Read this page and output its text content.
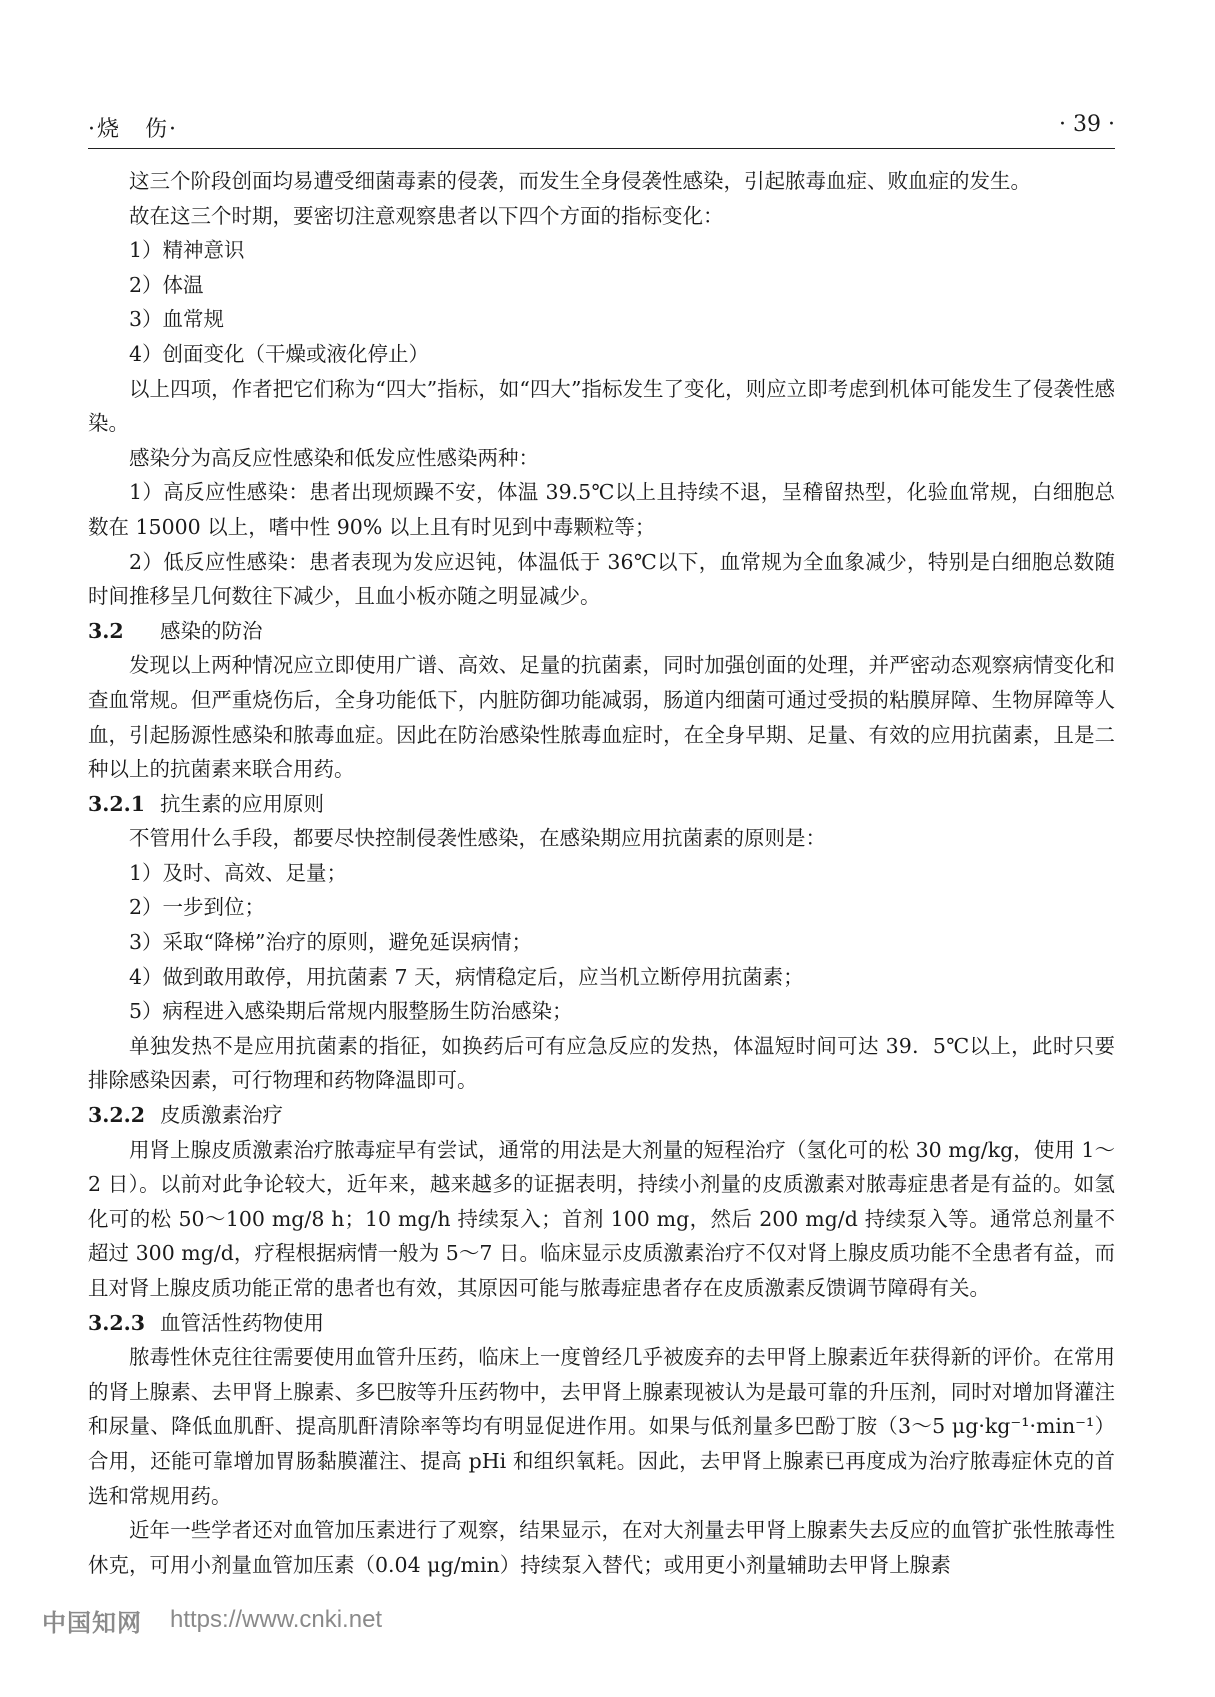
·烧　伤·	· 39 ·

这三个阶段创面均易遭受细菌毒素的侵袭，而发生全身侵袭性感染，引起脓毒血症、败血症的发生。

故在这三个时期，要密切注意观察患者以下四个方面的指标变化：

1）精神意识

2）体温

3）血常规

4）创面变化（干燥或液化停止）

以上四项，作者把它们称为“四大”指标，如“四大”指标发生了变化，则应立即考虑到机体可能发生了侵袭性感染。

感染分为高反应性感染和低发应性感染两种：

1）高反应性感染：患者出现烦躁不安，体温 39.5℃以上且持续不退，呈稽留热型，化验血常规，白细胞总数在 15000 以上，嗜中性 90% 以上且有时见到中毒颗粒等；

2）低反应性感染：患者表现为发应迟钝，体温低于 36℃以下，血常规为全血象减少，特别是白细胞总数随时间推移呈几何数往下减少，且血小板亦随之明显减少。

3.2 感染的防治

发现以上两种情况应立即使用广谱、高效、足量的抗菌素，同时加强创面的处理，并严密动态观察病情变化和查血常规。但严重烧伤后，全身功能低下，内脏防御功能减弱，肠道内细菌可通过受损的粘膜屏障、生物屏障等人血，引起肠源性感染和脓毒血症。因此在防治感染性脓毒血症时，在全身早期、足量、有效的应用抗菌素，且是二种以上的抗菌素来联合用药。

3.2.1 抗生素的应用原则

不管用什么手段，都要尽快控制侵袭性感染，在感染期应用抗菌素的原则是：

1）及时、高效、足量；

2）一步到位；

3）采取“降梯”治疗的原则，避免延误病情；

4）做到敢用敢停，用抗菌素 7 天，病情稳定后，应当机立断停用抗菌素；

5）病程进入感染期后常规内服整肠生防治感染；

单独发热不是应用抗菌素的指征，如换药后可有应急反应的发热，体温短时间可达 39．5℃以上，此时只要排除感染因素，可行物理和药物降温即可。

3.2.2 皮质激素治疗

用肾上腺皮质激素治疗脓毒症早有尝试，通常的用法是大剂量的短程治疗（氢化可的松 30 mg/kg，使用 1～2 日）。以前对此争论较大，近年来，越来越多的证据表明，持续小剂量的皮质激素对脓毒症患者是有益的。如氢化可的松 50～100 mg/8 h；10 mg/h 持续泵入；首剂 100 mg，然后 200 mg/d 持续泵入等。通常总剂量不超过 300 mg/d，疗程根据病情一般为 5～7 日。临床显示皮质激素治疗不仅对肾上腺皮质功能不全患者有益，而且对肾上腺皮质功能正常的患者也有效，其原因可能与脓毒症患者存在皮质激素反馈调节障碍有关。

3.2.3 血管活性药物使用

脓毒性休克往往需要使用血管升压药，临床上一度曾经几乎被废弃的去甲肾上腺素近年获得新的评价。在常用的肾上腺素、去甲肾上腺素、多巴胺等升压药物中，去甲肾上腺素现被认为是最可靠的升压剂，同时对增加肾灌注和尿量、降低血肌酐、提高肌酐清除率等均有明显促进作用。如果与低剂量多巴酚丁胺（3～5 μg·kg⁻¹·min⁻¹）合用，还能可靠增加胃肠黏膜灌注、提高 pHi 和组织氧耗。因此，去甲肾上腺素已再度成为治疗脓毒症休克的首选和常规用药。

近年一些学者还对血管加压素进行了观察，结果显示，在对大剂量去甲肾上腺素失去反应的血管扩张性脓毒性休克，可用小剂量血管加压素（0.04 μg/min）持续泵入替代；或用更小剂量辅助去甲肾上腺素

中国知网 https://www.cnki.net
